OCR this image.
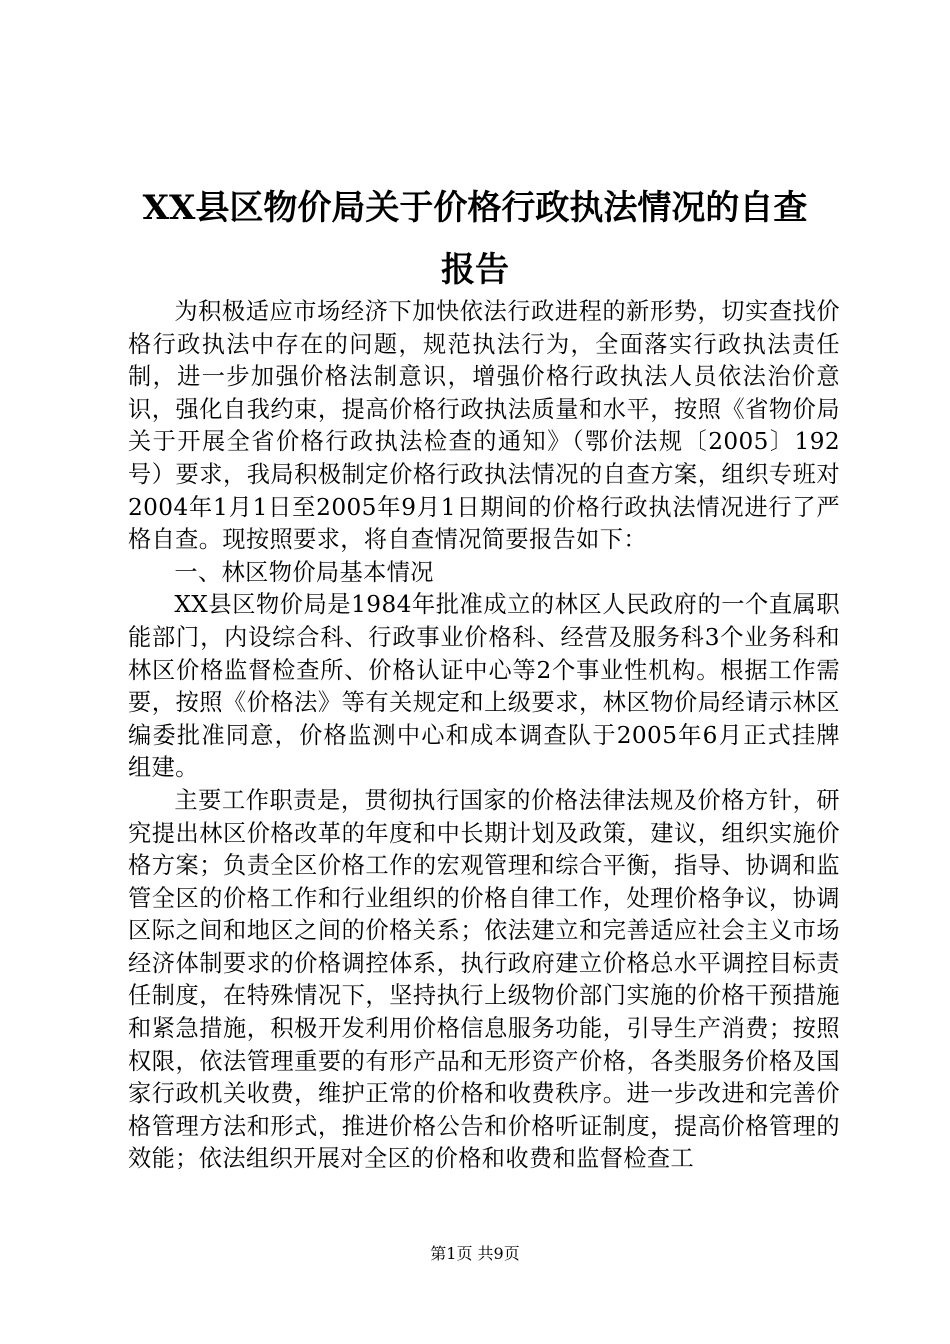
XX县区物价局关于价格行政执法情况的自查
报告

为积极适应市场经济下加快依法行政进程的新形势，切实查找价格行政执法中存在的问题，规范执法行为，全面落实行政执法责任制，进一步加强价格法制意识，增强价格行政执法人员依法治价意识，强化自我约束，提高价格行政执法质量和水平，按照《省物价局关于开展全省价格行政执法检查的通知》（鄂价法规〔2005〕192号）要求，我局积极制定价格行政执法情况的自查方案，组织专班对2004年1月1日至2005年9月1日期间的价格行政执法情况进行了严格自查。现按照要求，将自查情况简要报告如下：

一、林区物价局基本情况

XX县区物价局是1984年批准成立的林区人民政府的一个直属职能部门，内设综合科、行政事业价格科、经营及服务科3个业务科和林区价格监督检查所、价格认证中心等2个事业性机构。根据工作需要，按照《价格法》等有关规定和上级要求，林区物价局经请示林区编委批准同意，价格监测中心和成本调查队于2005年6月正式挂牌组建。

主要工作职责是，贯彻执行国家的价格法律法规及价格方针，研究提出林区价格改革的年度和中长期计划及政策，建议，组织实施价格方案；负责全区价格工作的宏观管理和综合平衡，指导、协调和监管全区的价格工作和行业组织的价格自律工作，处理价格争议，协调区际之间和地区之间的价格关系；依法建立和完善适应社会主义市场经济体制要求的价格调控体系，执行政府建立价格总水平调控目标责任制度，在特殊情况下，坚持执行上级物价部门实施的价格干预措施和紧急措施，积极开发利用价格信息服务功能，引导生产消费；按照权限，依法管理重要的有形产品和无形资产价格，各类服务价格及国家行政机关收费，维护正常的价格和收费秩序。进一步改进和完善价格管理方法和形式，推进价格公告和价格听证制度，提高价格管理的效能；依法组织开展对全区的价格和收费和监督检查工

第1页 共9页
